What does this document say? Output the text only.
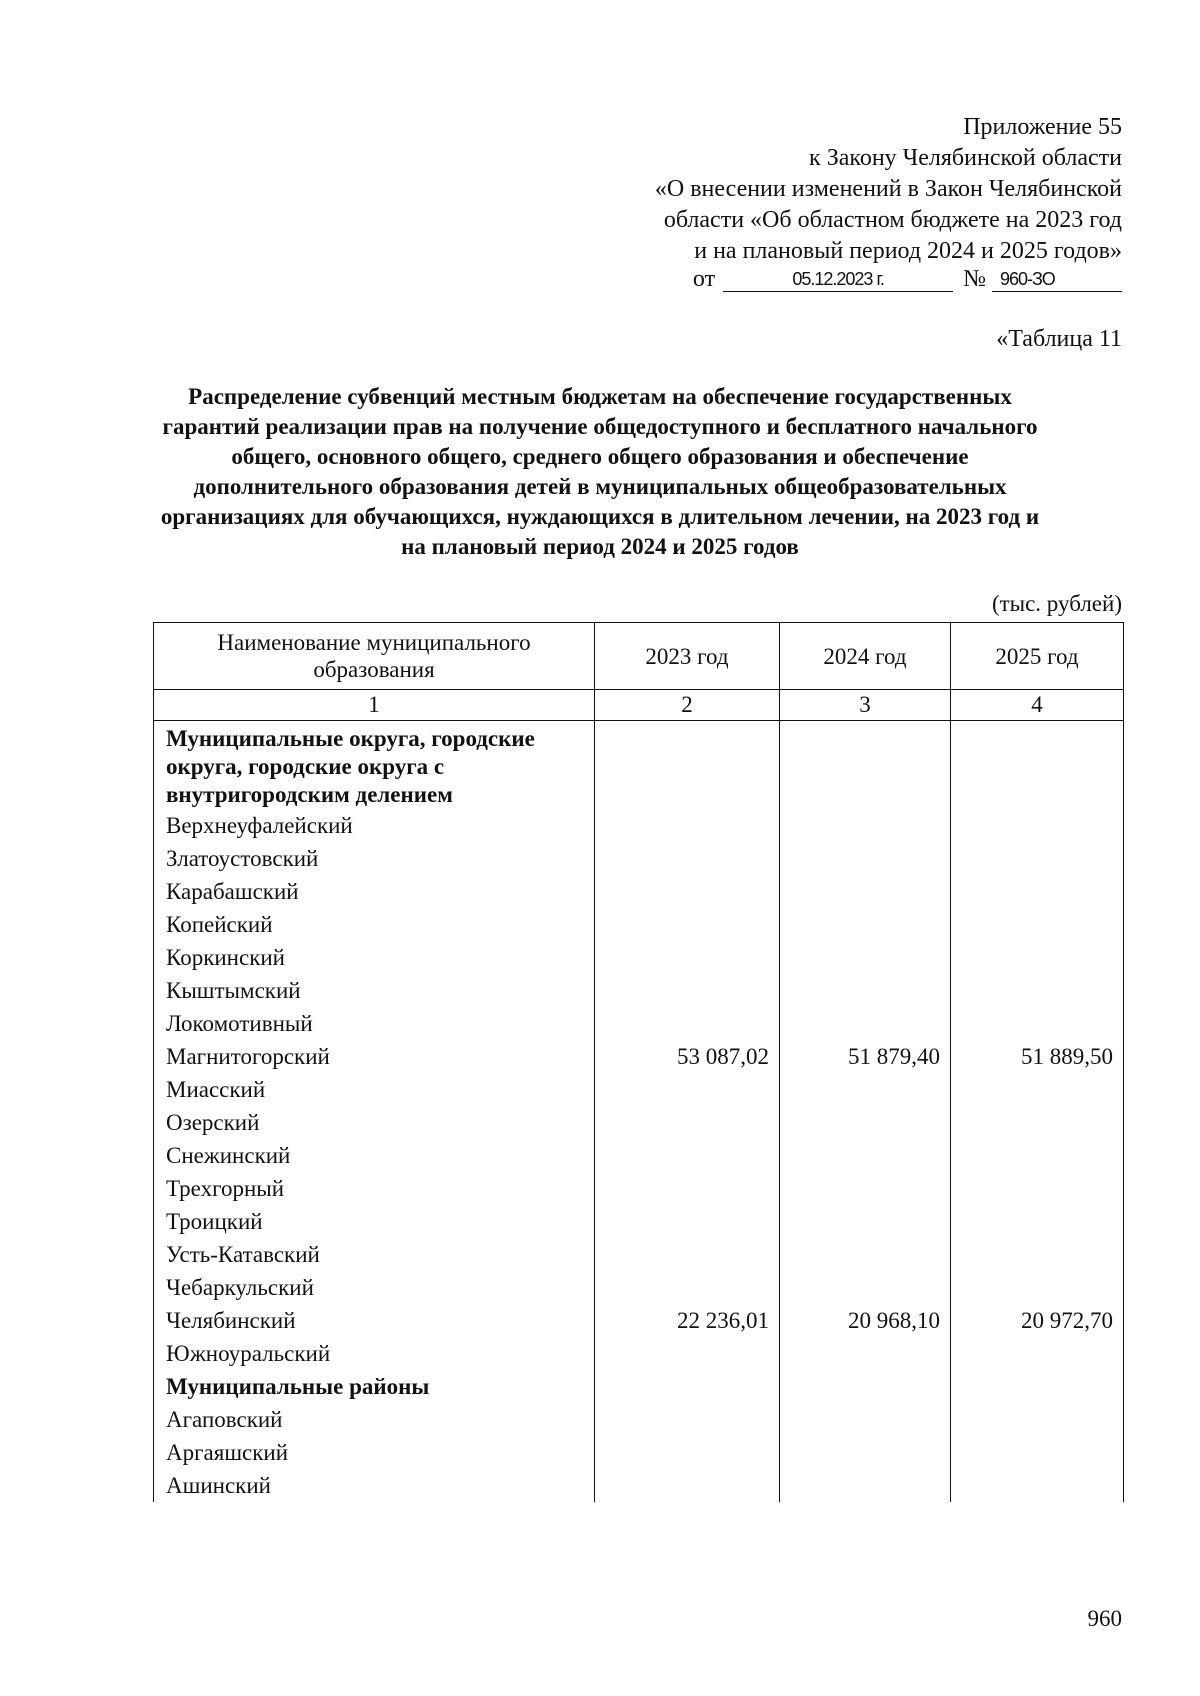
Приложение 55
к Закону Челябинской области
«О внесении изменений в Закон Челябинской
области «Об областном бюджете на 2023 год
и на плановый период 2024 и 2025 годов»
от	05.12.2023 г.	№ 960-ЗО
«Таблица 11
Распределение субвенций местным бюджетам на обеспечение государственных гарантий реализации прав на получение общедоступного и бесплатного начального общего, основного общего, среднего общего образования и обеспечение дополнительного образования детей в муниципальных общеобразовательных организациях для обучающихся, нуждающихся в длительном лечении, на 2023 год и на плановый период 2024 и 2025 годов
(тыс. рублей)
Наименование муниципального образования	2023 год	2024 год	2025 год
1	2	3	4
Муниципальные округа, городские округа, городские округа с внутригородским делением			
Верхнеуфалейский			
Златоустовский			
Карабашский			
Копейский			
Коркинский			
Кыштымский			
Локомотивный			
Магнитогорский	53 087,02	51 879,40	51 889,50
Миасский			
Озерский			
Снежинский			
Трехгорный			
Троицкий			
Усть-Катавский			
Чебаркульский			
Челябинский	22 236,01	20 968,10	20 972,70
Южноуральский			
Муниципальные районы			
Агаповский			
Аргаяшский			
Ашинский			
960
